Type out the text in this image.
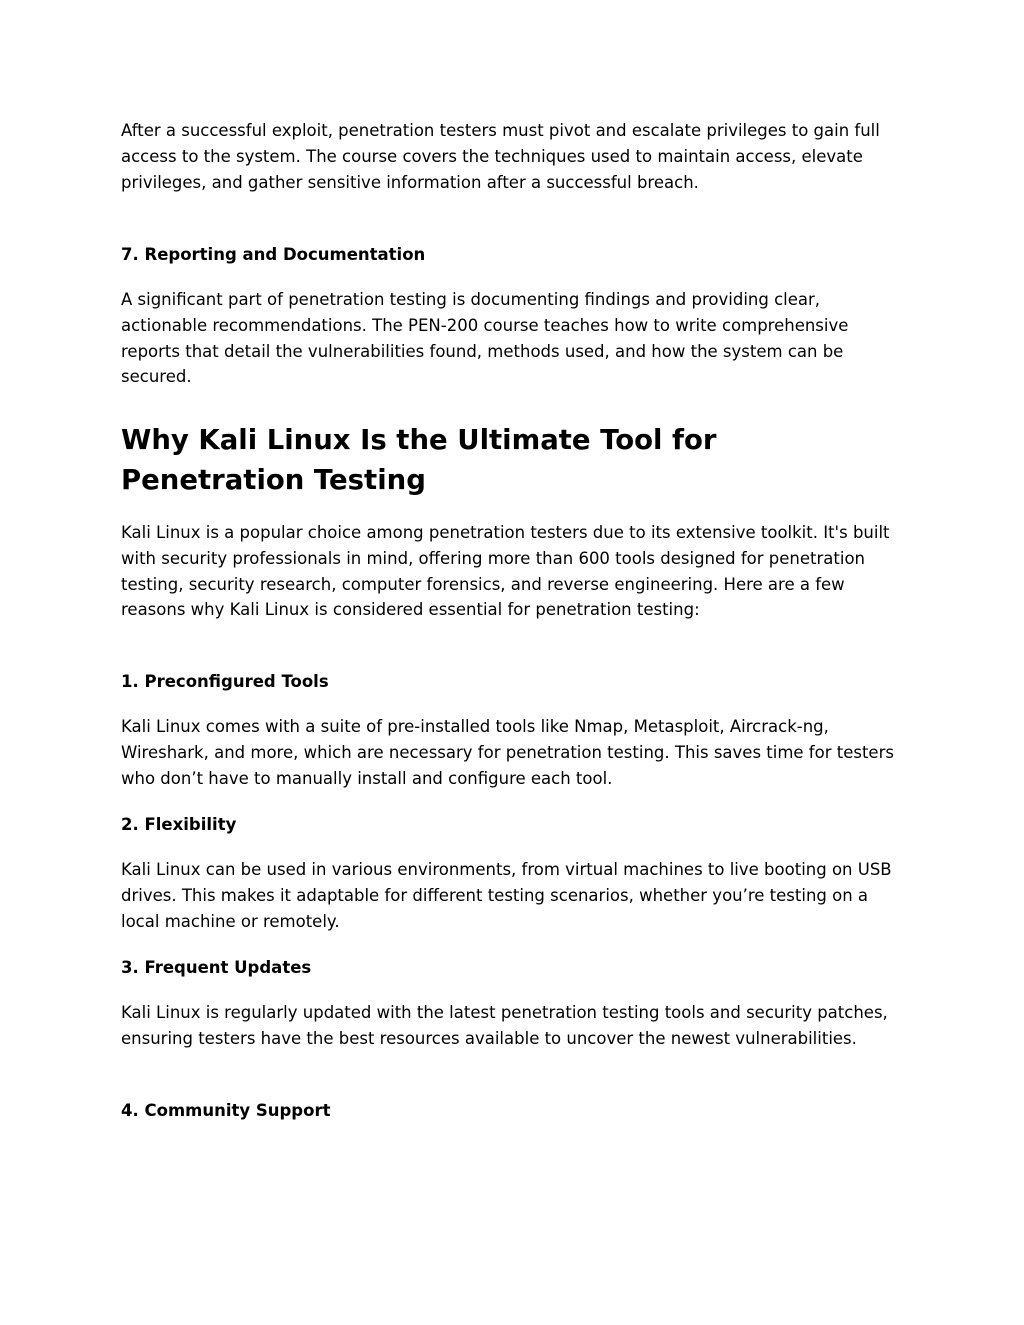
After a successful exploit, penetration testers must pivot and escalate privileges to gain full access to the system. The course covers the techniques used to maintain access, elevate privileges, and gather sensitive information after a successful breach.

7. Reporting and Documentation

A significant part of penetration testing is documenting findings and providing clear, actionable recommendations. The PEN-200 course teaches how to write comprehensive reports that detail the vulnerabilities found, methods used, and how the system can be secured.

Why Kali Linux Is the Ultimate Tool for Penetration Testing

Kali Linux is a popular choice among penetration testers due to its extensive toolkit. It's built with security professionals in mind, offering more than 600 tools designed for penetration testing, security research, computer forensics, and reverse engineering. Here are a few reasons why Kali Linux is considered essential for penetration testing:

1. Preconfigured Tools

Kali Linux comes with a suite of pre-installed tools like Nmap, Metasploit, Aircrack-ng, Wireshark, and more, which are necessary for penetration testing. This saves time for testers who don’t have to manually install and configure each tool.

2. Flexibility

Kali Linux can be used in various environments, from virtual machines to live booting on USB drives. This makes it adaptable for different testing scenarios, whether you’re testing on a local machine or remotely.

3. Frequent Updates

Kali Linux is regularly updated with the latest penetration testing tools and security patches, ensuring testers have the best resources available to uncover the newest vulnerabilities.

4. Community Support
